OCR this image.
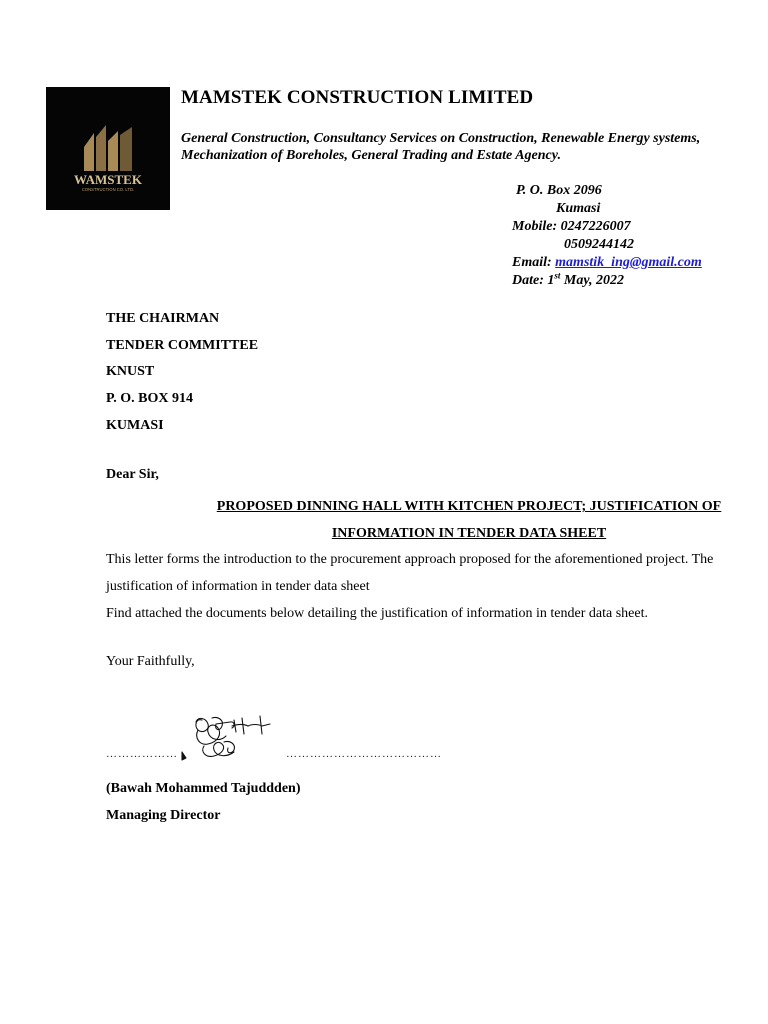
WAMSTEK
CONSTRUCTION CO. LTD.
MAMSTEK CONSTRUCTION LIMITED
General Construction, Consultancy Services on Construction, Renewable Energy systems,
Mechanization of Boreholes, General Trading and Estate Agency.
P. O. Box 2096
Kumasi
Mobile: 0247226007
0509244142
Email: mamstik_ing@gmail.com
Date: 1st May, 2022
THE CHAIRMAN
TENDER COMMITTEE
KNUST
P. O. BOX 914
KUMASI
Dear Sir,
PROPOSED DINNING HALL WITH KITCHEN PROJECT; JUSTIFICATION OF
INFORMATION IN TENDER DATA SHEET
This letter forms the introduction to the procurement approach proposed for the aforementioned project. The
justification of information in tender data sheet
Find attached the documents below detailing the justification of information in tender data sheet.
Your Faithfully,
………………	…………………………………
(Bawah Mohammed Tajuddden)
Managing Director
